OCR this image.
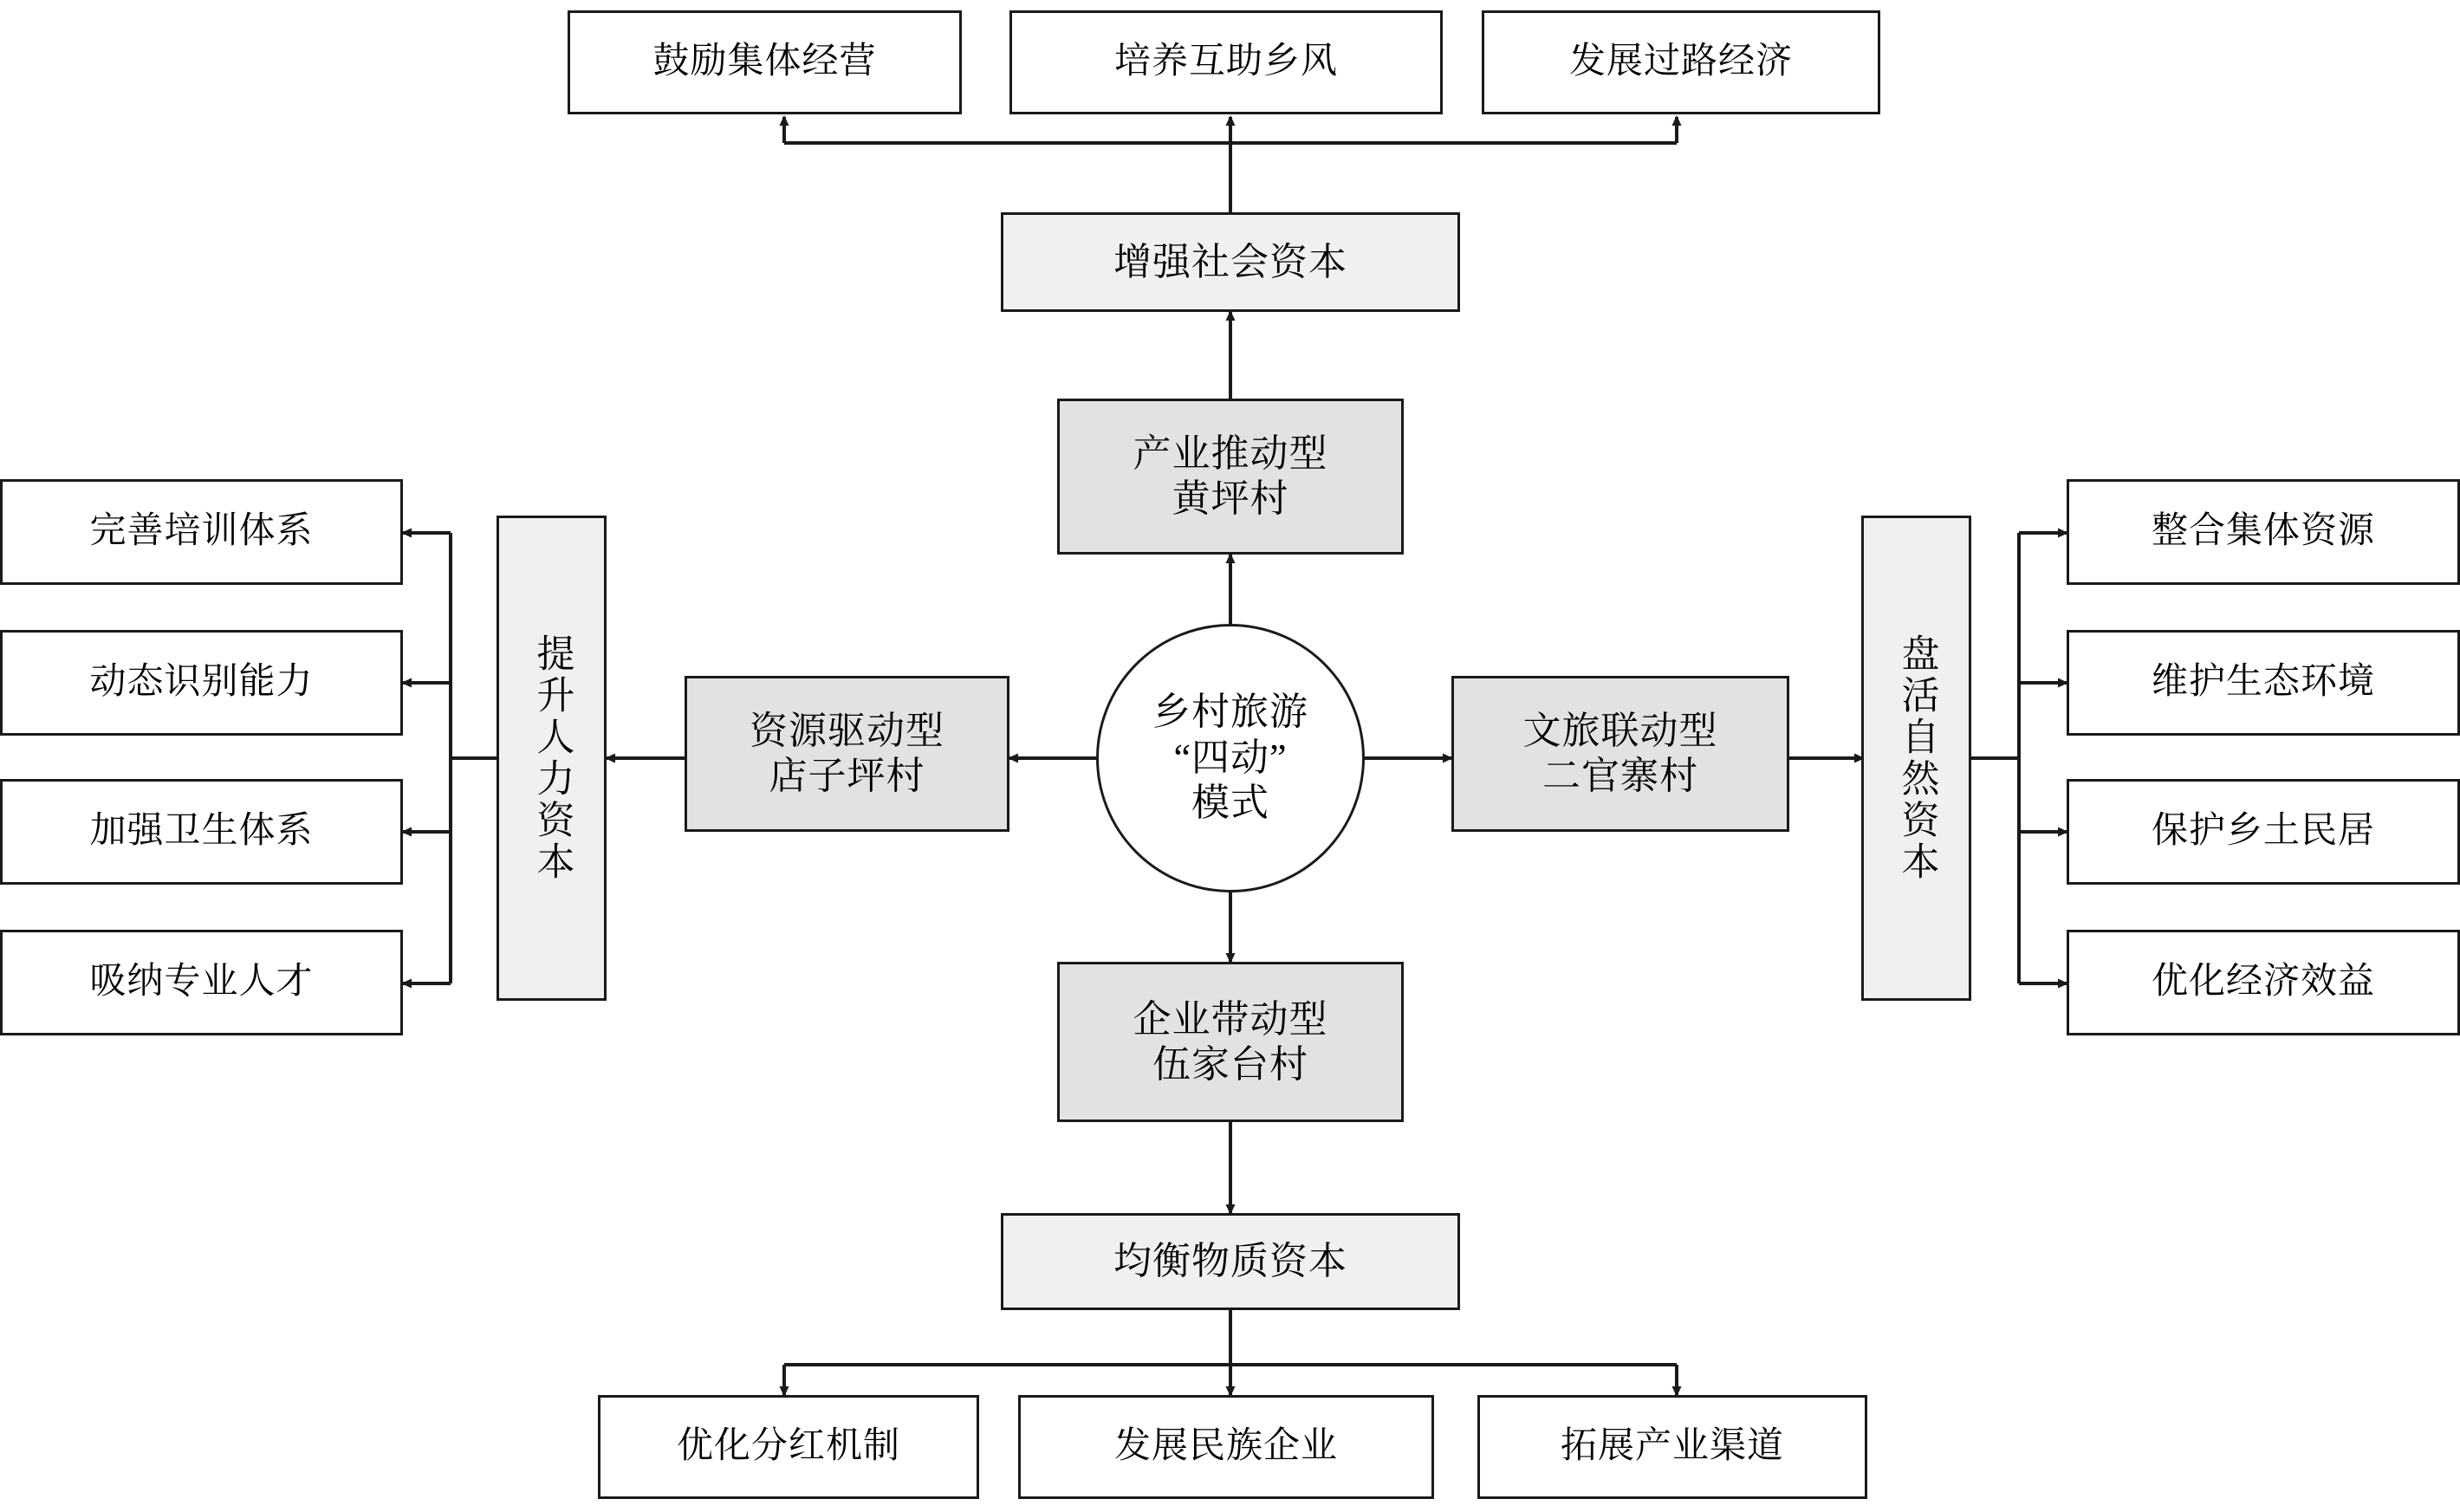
乡村旅游
“四动”
模式
产业推动型
黄坪村
资源驱动型
店子坪村
文旅联动型
二官寨村
企业带动型
伍家台村
增强社会资本
提升人力资本	盘活自然资本
均衡物质资本
鼓励集体经营	培养互助乡风	发展过路经济
完善培训体系
动态识别能力
加强卫生体系
吸纳专业人才
整合集体资源
维护生态环境
保护乡土民居
优化经济效益
优化分红机制	发展民族企业	拓展产业渠道
